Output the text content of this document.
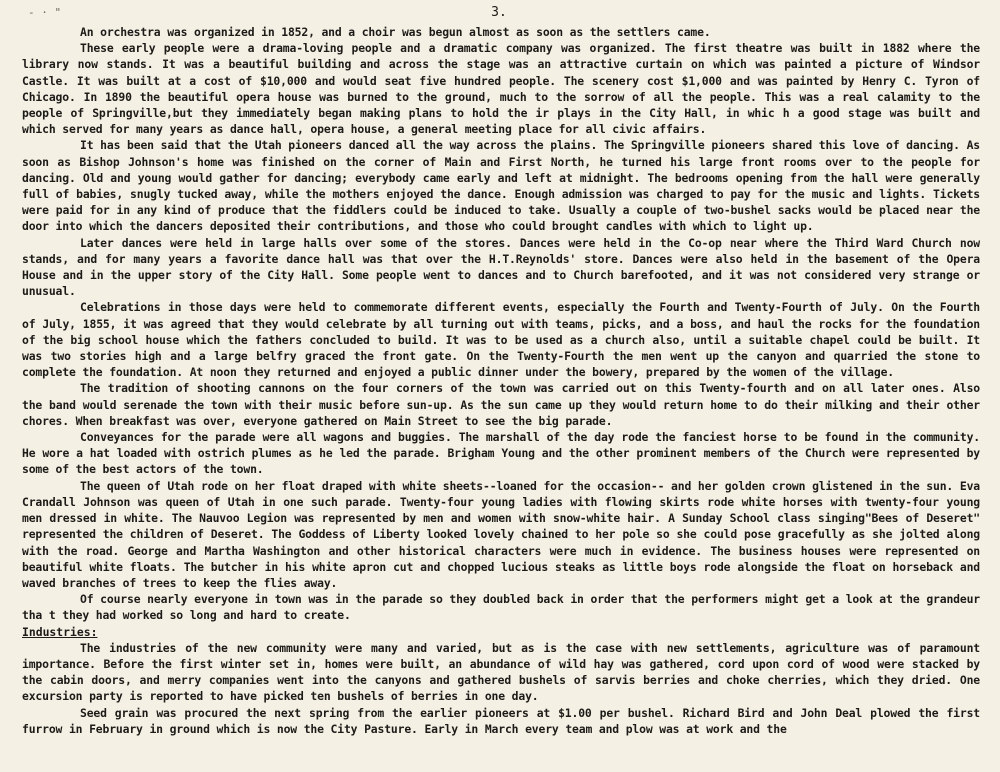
- · "	3.

An orchestra was organized in 1852, and a choir was begun almost as soon as the settlers came.

These early people were a drama-loving people and a dramatic company was organized. The first theatre was built in 1882 where the library now stands. It was a beautiful building and across the stage was an attractive curtain on which was painted a picture of Windsor Castle. It was built at a cost of $10,000 and would seat five hundred people. The scenery cost $1,000 and was painted by Henry C. Tyron of Chicago. In 1890 the beautiful opera house was burned to the ground, much to the sorrow of all the people. This was a real calamity to the people of Springville,but they immediately began making plans to hold the ir plays in the City Hall, in whic h a good stage was built and which served for many years as dance hall, opera house, a general meeting place for all civic affairs.

It has been said that the Utah pioneers danced all the way across the plains. The Springville pioneers shared this love of dancing. As soon as Bishop Johnson's home was finished on the corner of Main and First North, he turned his large front rooms over to the people for dancing. Old and young would gather for dancing; everybody came early and left at midnight. The bedrooms opening from the hall were generally full of babies, snugly tucked away, while the mothers enjoyed the dance. Enough admission was charged to pay for the music and lights. Tickets were paid for in any kind of produce that the fiddlers could be induced to take. Usually a couple of two-bushel sacks would be placed near the door into which the dancers deposited their contributions, and those who could brought candles with which to light up.

Later dances were held in large halls over some of the stores. Dances were held in the Co-op near where the Third Ward Church now stands, and for many years a favorite dance hall was that over the H.T.Reynolds' store. Dances were also held in the basement of the Opera House and in the upper story of the City Hall. Some people went to dances and to Church barefooted, and it was not considered very strange or unusual.

Celebrations in those days were held to commemorate different events, especially the Fourth and Twenty-Fourth of July. On the Fourth of July, 1855, it was agreed that they would celebrate by all turning out with teams, picks, and a boss, and haul the rocks for the foundation of the big school house which the fathers concluded to build. It was to be used as a church also, until a suitable chapel could be built. It was two stories high and a large belfry graced the front gate. On the Twenty-Fourth the men went up the canyon and quarried the stone to complete the foundation. At noon they returned and enjoyed a public dinner under the bowery, prepared by the women of the village.

The tradition of shooting cannons on the four corners of the town was carried out on this Twenty-fourth and on all later ones. Also the band would serenade the town with their music before sun-up. As the sun came up they would return home to do their milking and their other chores. When breakfast was over, everyone gathered on Main Street to see the big parade.

Conveyances for the parade were all wagons and buggies. The marshall of the day rode the fanciest horse to be found in the community. He wore a hat loaded with ostrich plumes as he led the parade. Brigham Young and the other prominent members of the Church were represented by some of the best actors of the town.

The queen of Utah rode on her float draped with white sheets--loaned for the occasion-- and her golden crown glistened in the sun. Eva Crandall Johnson was queen of Utah in one such parade. Twenty-four young ladies with flowing skirts rode white horses with twenty-four young men dressed in white. The Nauvoo Legion was represented by men and women with snow-white hair. A Sunday School class singing"Bees of Deseret" represented the children of Deseret. The Goddess of Liberty looked lovely chained to her pole so she could pose gracefully as she jolted along with the road. George and Martha Washington and other historical characters were much in evidence. The business houses were represented on beautiful white floats. The butcher in his white apron cut and chopped lucious steaks as little boys rode alongside the float on horseback and waved branches of trees to keep the flies away.

Of course nearly everyone in town was in the parade so they doubled back in order that the performers might get a look at the grandeur tha t they had worked so long and hard to create.

Industries:

The industries of the new community were many and varied, but as is the case with new settlements, agriculture was of paramount importance. Before the first winter set in, homes were built, an abundance of wild hay was gathered, cord upon cord of wood were stacked by the cabin doors, and merry companies went into the canyons and gathered bushels of sarvis berries and choke cherries, which they dried. One excursion party is reported to have picked ten bushels of berries in one day.

Seed grain was procured the next spring from the earlier pioneers at $1.00 per bushel. Richard Bird and John Deal plowed the first furrow in February in ground which is now the City Pasture. Early in March every team and plow was at work and the
